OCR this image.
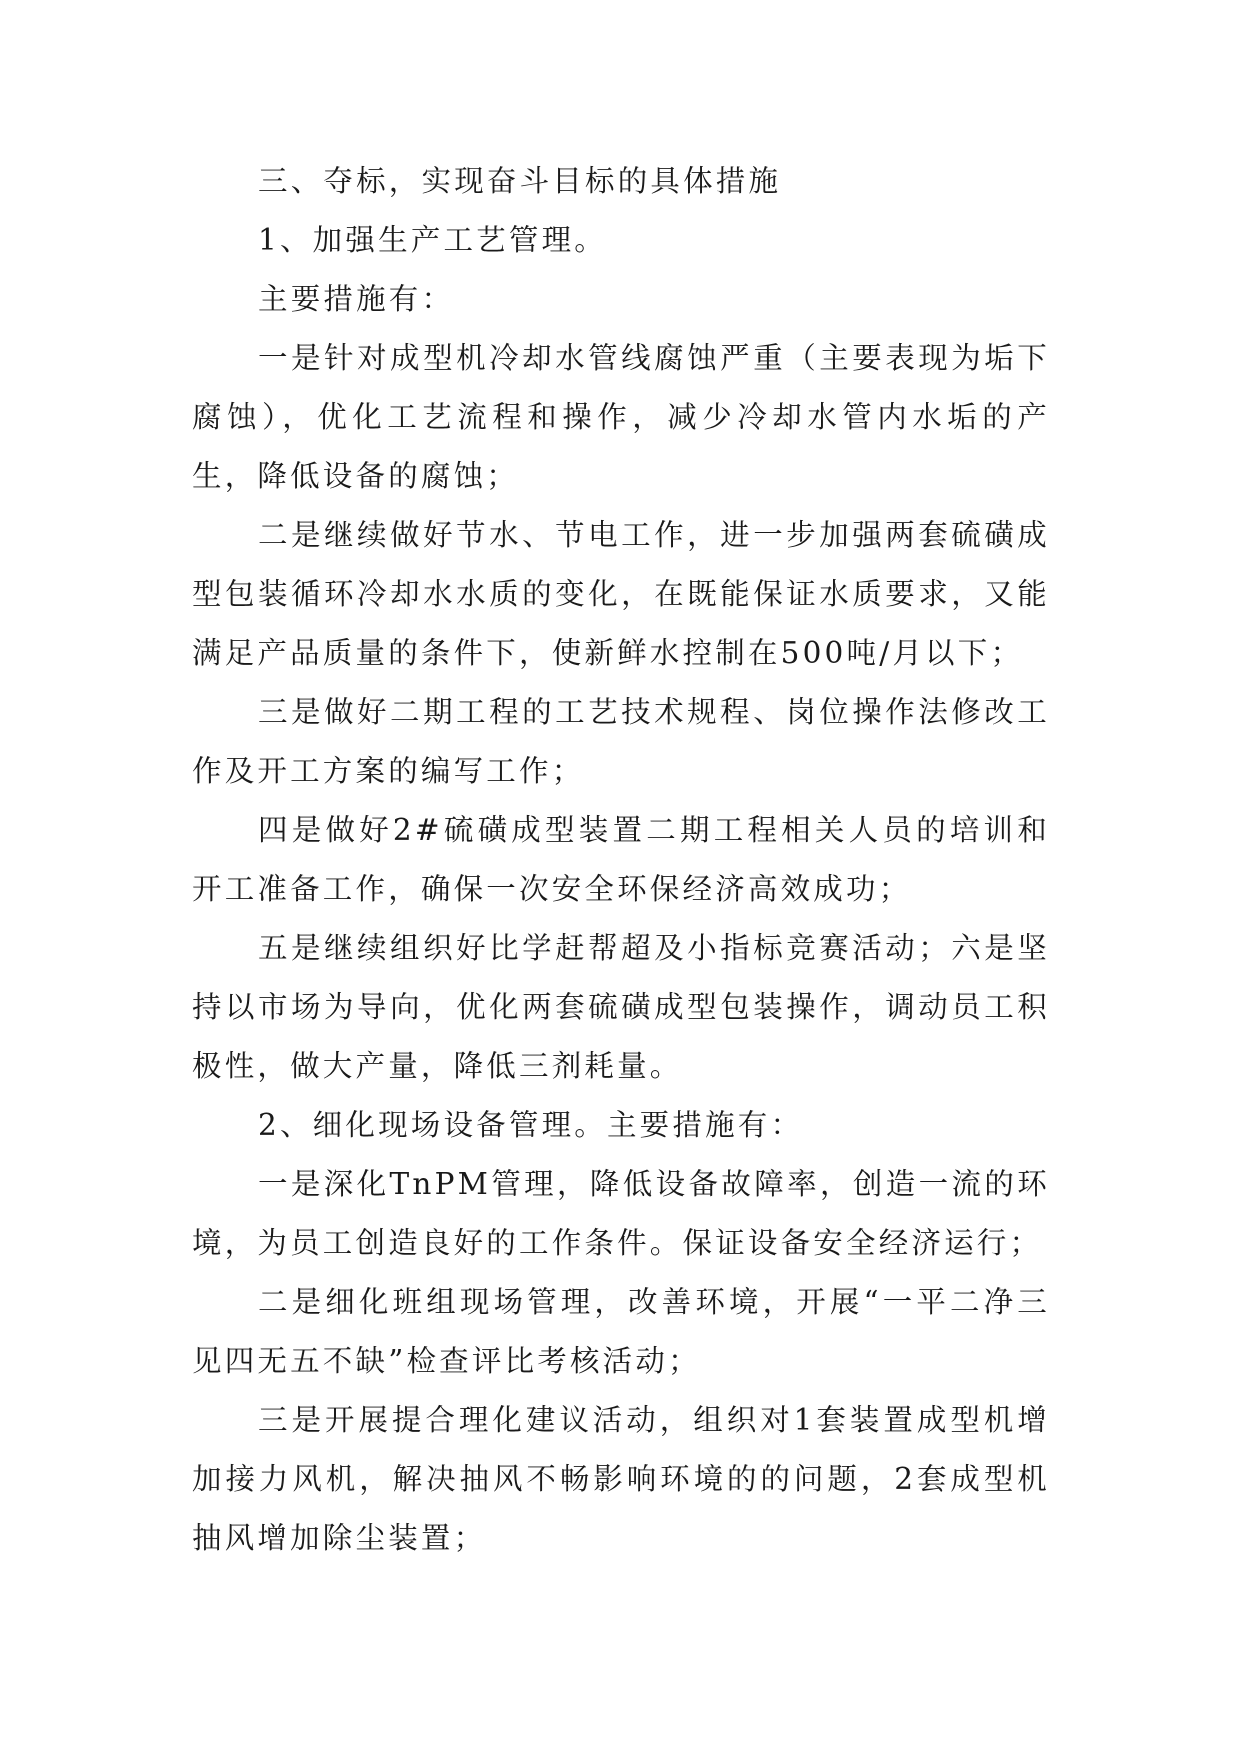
三、夺标，实现奋斗目标的具体措施

1、加强生产工艺管理。

主要措施有：

一是针对成型机冷却水管线腐蚀严重（主要表现为垢下腐蚀），优化工艺流程和操作，减少冷却水管内水垢的产生，降低设备的腐蚀；

二是继续做好节水、节电工作，进一步加强两套硫磺成型包装循环冷却水水质的变化，在既能保证水质要求，又能满足产品质量的条件下，使新鲜水控制在500吨/月以下；

三是做好二期工程的工艺技术规程、岗位操作法修改工作及开工方案的编写工作；

四是做好2#硫磺成型装置二期工程相关人员的培训和开工准备工作，确保一次安全环保经济高效成功；

五是继续组织好比学赶帮超及小指标竞赛活动；六是坚持以市场为导向，优化两套硫磺成型包装操作，调动员工积极性，做大产量，降低三剂耗量。

2、细化现场设备管理。主要措施有：

一是深化TnPM管理，降低设备故障率，创造一流的环境，为员工创造良好的工作条件。保证设备安全经济运行；

二是细化班组现场管理，改善环境，开展“一平二净三见四无五不缺”检查评比考核活动；

三是开展提合理化建议活动，组织对1套装置成型机增加接力风机，解决抽风不畅影响环境的的问题，2套成型机抽风增加除尘装置；
